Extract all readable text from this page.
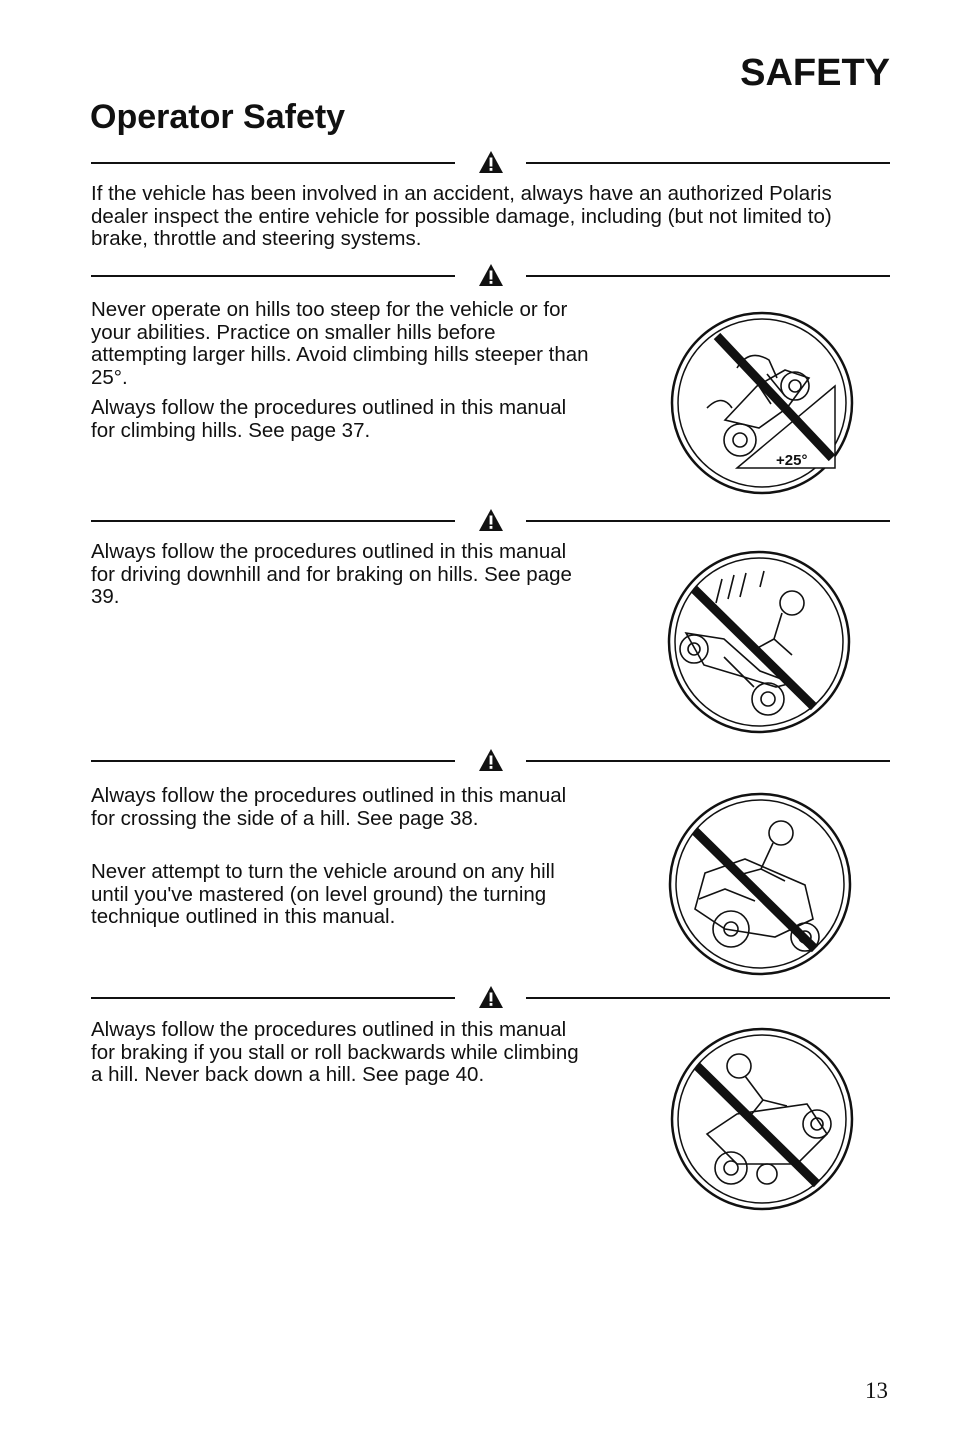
SAFETY
Operator Safety

If the vehicle has been involved in an accident, always have an authorized Polaris dealer inspect the entire vehicle for possible damage, including (but not limited to) brake, throttle and steering systems.

Never operate on hills too steep for the vehicle or for your abilities. Practice on smaller hills before attempting larger hills. Avoid climbing hills steeper than 25°.

Always follow the procedures outlined in this manual for climbing hills. See page 37.

+25°

Always follow the procedures outlined in this manual for driving downhill and for braking on hills. See page 39.

Always follow the procedures outlined in this manual for crossing the side of a hill. See page 38.

Never attempt to turn the vehicle around on any hill until you've mastered (on level ground) the turning technique outlined in this manual.

Always follow the procedures outlined in this manual for braking if you stall or roll backwards while climbing a hill. Never back down a hill. See page 40.

13
